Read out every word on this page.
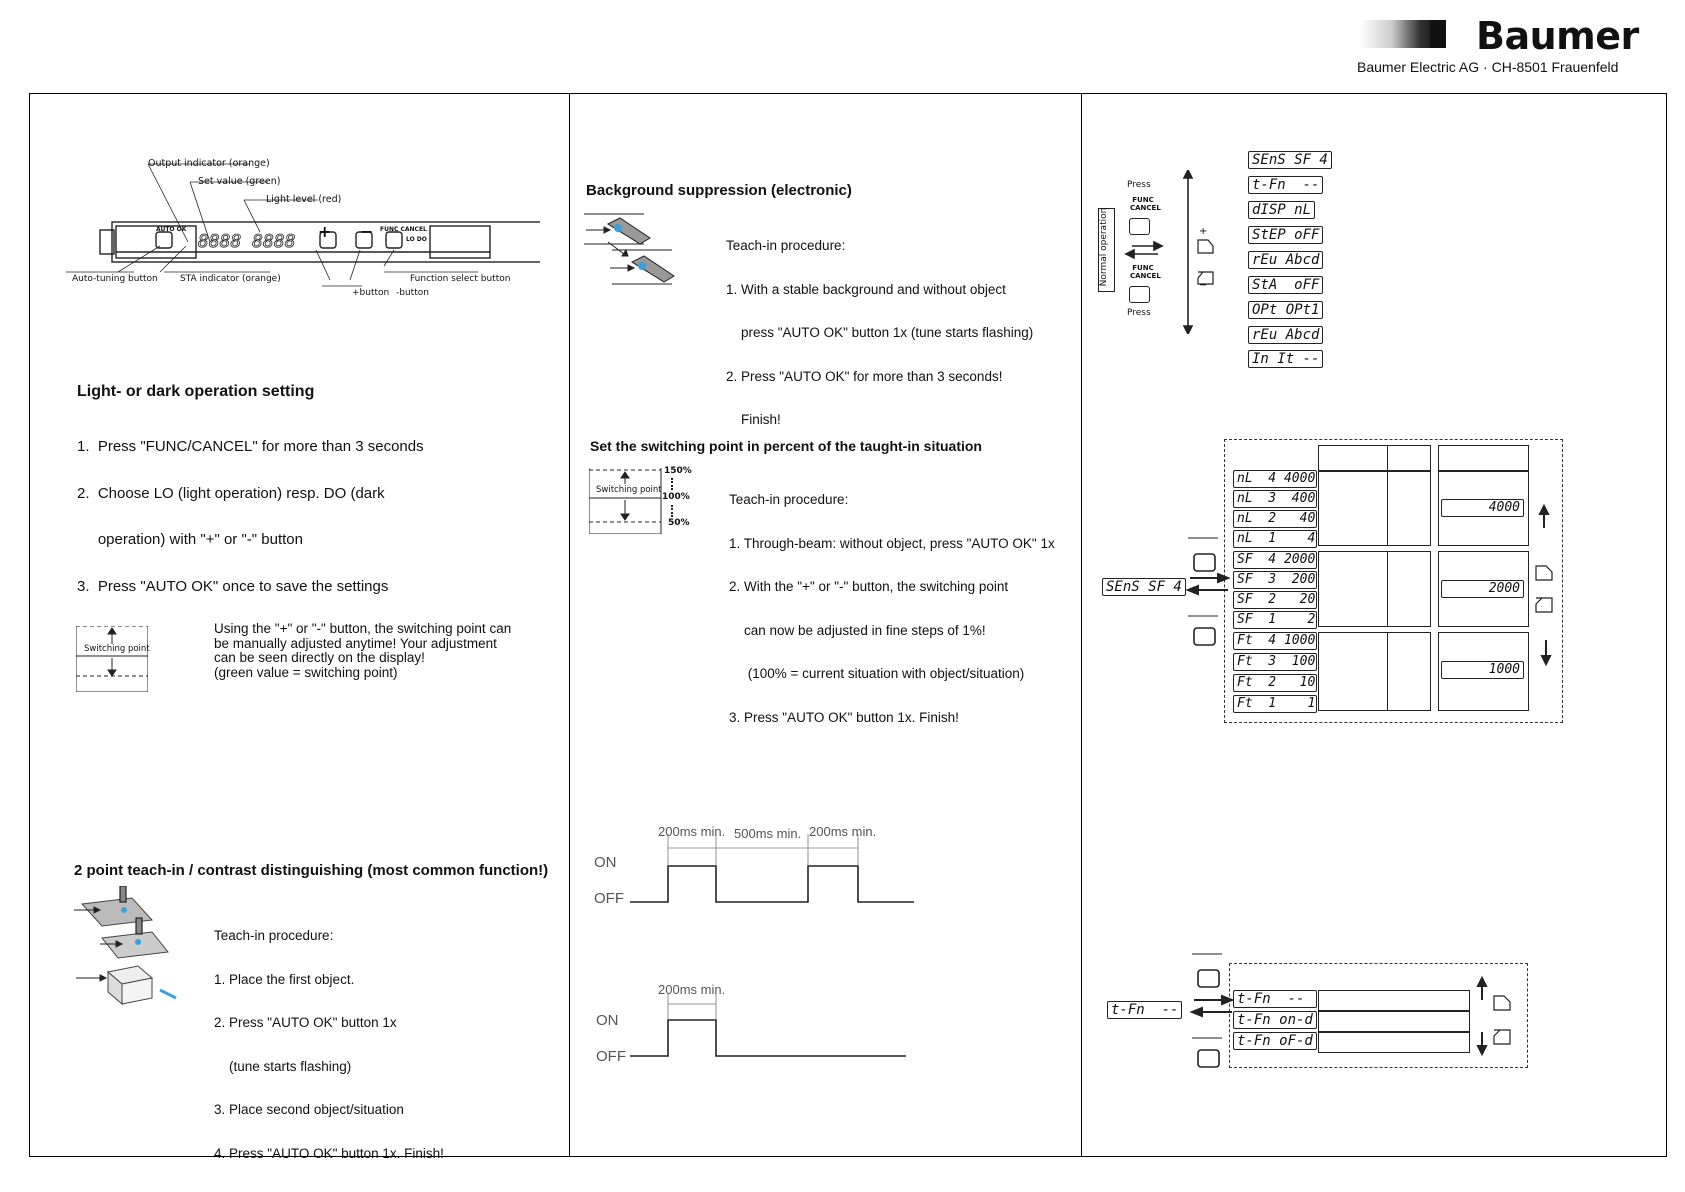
Baumer
Baumer Electric AG · CH-8501 Frauenfeld
8888 8888
Output indicator (orange)
Set value (green)
Light level (red)
Auto-tuning button STA indicator (orange)
+button -button
Function select button
AUTO OK	FUNC CANCEL
LO DO
+ −
Light- or dark operation setting

1.  Press "FUNC/CANCEL" for more than 3 seconds

2.  Choose LO (light operation) resp. DO (dark

operation) with "+" or "-" button

3.  Press "AUTO OK" once to save the settings

Switching point
Using the "+" or "-" button, the switching point can
be manually adjusted anytime! Your adjustment
can be seen directly on the display!
(green value = switching point)
2 point teach-in / contrast distinguishing (most common function!)

Teach-in procedure:

1. Place the first object.

2. Press "AUTO OK" button 1x

(tune starts flashing)

3. Place second object/situation

4. Press "AUTO OK" button 1x. Finish!

Background suppression (electronic)

Teach-in procedure:

1. With a stable background and without object

press "AUTO OK" button 1x (tune starts flashing)

2. Press "AUTO OK" for more than 3 seconds!

Finish!

Set the switching point in percent of the taught-in situation
Switching point
150%
100%
50%

Teach-in procedure:

1. Through-beam: without object, press "AUTO OK" 1x

2. With the "+" or "-" button, the switching point

can now be adjusted in fine steps of 1%!

(100% = current situation with object/situation)

3. Press "AUTO OK" button 1x. Finish!

ON
OFF
200ms min. 500ms min. 200ms min.
ON
OFF
200ms min.
Press
FUNC CANCEL
FUNC CANCEL
Press
Normal operation	+
−
SEnS SF 4
t-Fn  --
dISP nL
StEP oFF
rEu Abcd
StA  oFF
OPt OPt1
rEu Abcd
In It --
nL  4 4000
nL  3  400
nL  2   40
nL  1    4
SF  4 2000
SF  3  200
SF  2   20
SF  1    2
Ft  4 1000
Ft  3  100
Ft  2   10
Ft  1    1
4000
2000
1000
SEnS SF 4
t-Fn  --
t-Fn  --
t-Fn on-d
t-Fn oF-d
